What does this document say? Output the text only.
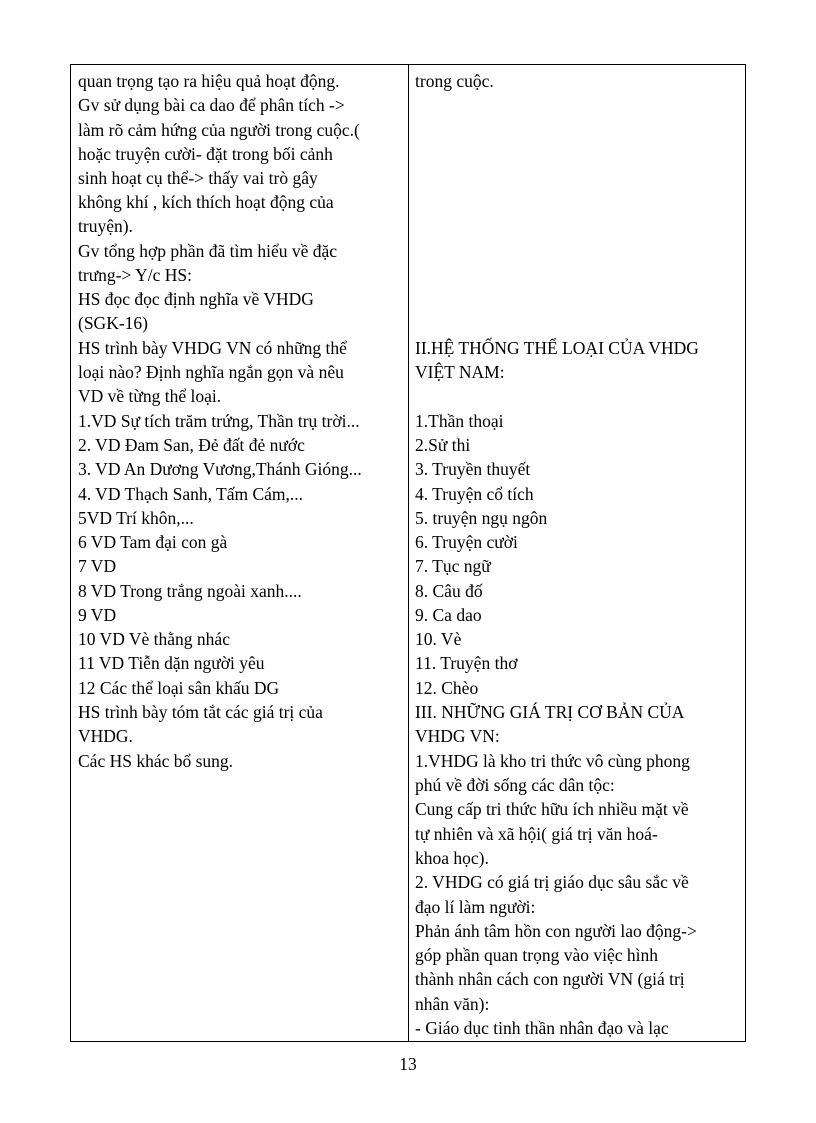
quan trọng tạo ra hiệu quả hoạt động.
Gv sử dụng bài ca dao để phân tích ->
làm rõ cảm hứng của người trong cuộc.(
hoặc truyện cười- đặt trong bối cảnh
sinh hoạt cụ thể-> thấy vai trò gây
không khí , kích thích hoạt động của
truyện).
Gv tổng hợp phần đã tìm hiểu về đặc
trưng-> Y/c HS:
HS đọc đọc định nghĩa về VHDG
(SGK-16)
HS trình bày VHDG VN có những thể
loại nào? Định nghĩa ngắn gọn và nêu
VD về từng thể loại.
1.VD Sự tích trăm trứng, Thần trụ trời...
2. VD Đam San, Đẻ đất đẻ nước
3. VD An Dương Vương,Thánh Gióng...
4. VD Thạch Sanh, Tấm Cám,...
5VD Trí khôn,...
6 VD Tam đại con gà
7 VD
8 VD Trong trắng ngoài xanh....
9 VD
10 VD Vè thằng nhác
11 VD Tiễn dặn người yêu
12 Các thể loại sân khấu DG
HS trình bày tóm tắt các giá trị của
VHDG.
Các HS khác bổ sung.
trong cuộc.
II.HỆ THỐNG THỂ LOẠI CỦA VHDG
VIỆT NAM:
1.Thần thoại
2.Sử thi
3. Truyền thuyết
4. Truyện cổ tích
5. truyện ngụ ngôn
6. Truyện cười
7. Tục ngữ
8. Câu đố
9. Ca dao
10. Vè
11. Truyện thơ
12. Chèo
III. NHỮNG GIÁ TRỊ CƠ BẢN CỦA
VHDG VN:
1.VHDG là kho tri thức vô cùng phong
phú về đời sống các dân tộc:
Cung cấp tri thức hữu ích nhiều mặt về
tự nhiên và xã hội( giá trị văn hoá-
khoa học).
2. VHDG có giá trị giáo dục sâu sắc về
đạo lí làm người:
Phản ánh tâm hồn con người lao động->
góp phần quan trọng vào việc hình
thành nhân cách con người VN (giá trị
nhân văn):
- Giáo dục tinh thần nhân đạo và lạc
13
